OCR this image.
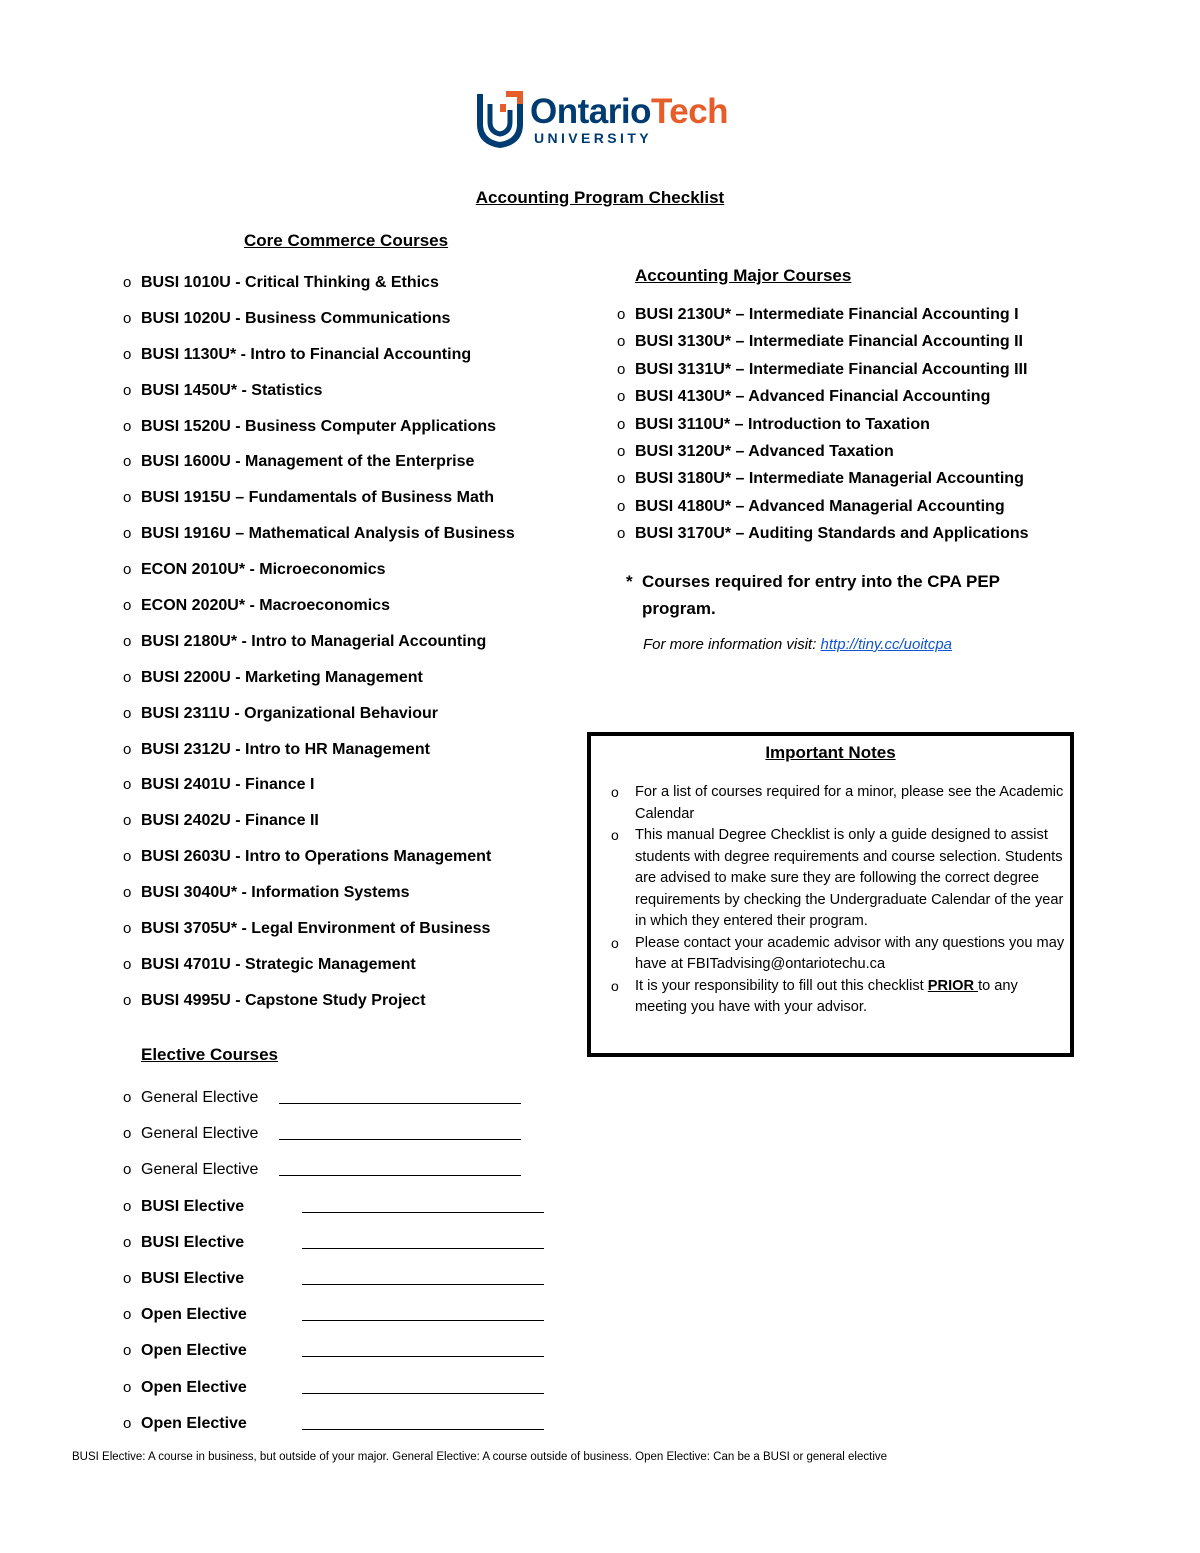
OntarioTech
UNIVERSITY
Accounting Program Checklist
Core Commerce Courses
o BUSI 1010U - Critical Thinking & Ethics
o BUSI 1020U - Business Communications
o BUSI 1130U* - Intro to Financial Accounting
o BUSI 1450U* - Statistics
o BUSI 1520U - Business Computer Applications
o BUSI 1600U - Management of the Enterprise
o BUSI 1915U – Fundamentals of Business Math
o BUSI 1916U – Mathematical Analysis of Business
o ECON 2010U* - Microeconomics
o ECON 2020U* - Macroeconomics
o BUSI 2180U* - Intro to Managerial Accounting
o BUSI 2200U - Marketing Management
o BUSI 2311U - Organizational Behaviour
o BUSI 2312U - Intro to HR Management
o BUSI 2401U - Finance I
o BUSI 2402U - Finance II
o BUSI 2603U - Intro to Operations Management
o BUSI 3040U* - Information Systems
o BUSI 3705U* - Legal Environment of Business
o BUSI 4701U - Strategic Management
o BUSI 4995U - Capstone Study Project
Accounting Major Courses
o BUSI 2130U* – Intermediate Financial Accounting I
o BUSI 3130U* – Intermediate Financial Accounting II
o BUSI 3131U* – Intermediate Financial Accounting III
o BUSI 4130U* – Advanced Financial Accounting
o BUSI 3110U* – Introduction to Taxation
o BUSI 3120U* – Advanced Taxation
o BUSI 3180U* – Intermediate Managerial Accounting
o BUSI 4180U* – Advanced Managerial Accounting
o BUSI 3170U* – Auditing Standards and Applications
* Courses required for entry into the CPA PEP program.
For more information visit: http://tiny.cc/uoitcpa
Important Notes
o For a list of courses required for a minor, please see the Academic Calendar
o This manual Degree Checklist is only a guide designed to assist students with degree requirements and course selection. Students are advised to make sure they are following the correct degree requirements by checking the Undergraduate Calendar of the year in which they entered their program.
o Please contact your academic advisor with any questions you may have at FBITadvising@ontariotechu.ca
o It is your responsibility to fill out this checklist PRIOR to any meeting you have with your advisor.
Elective Courses
o General Elective
o General Elective
o General Elective
o BUSI Elective
o BUSI Elective
o BUSI Elective
o Open Elective
o Open Elective
o Open Elective
o Open Elective
BUSI Elective: A course in business, but outside of your major. General Elective: A course outside of business. Open Elective: Can be a BUSI or general elective
